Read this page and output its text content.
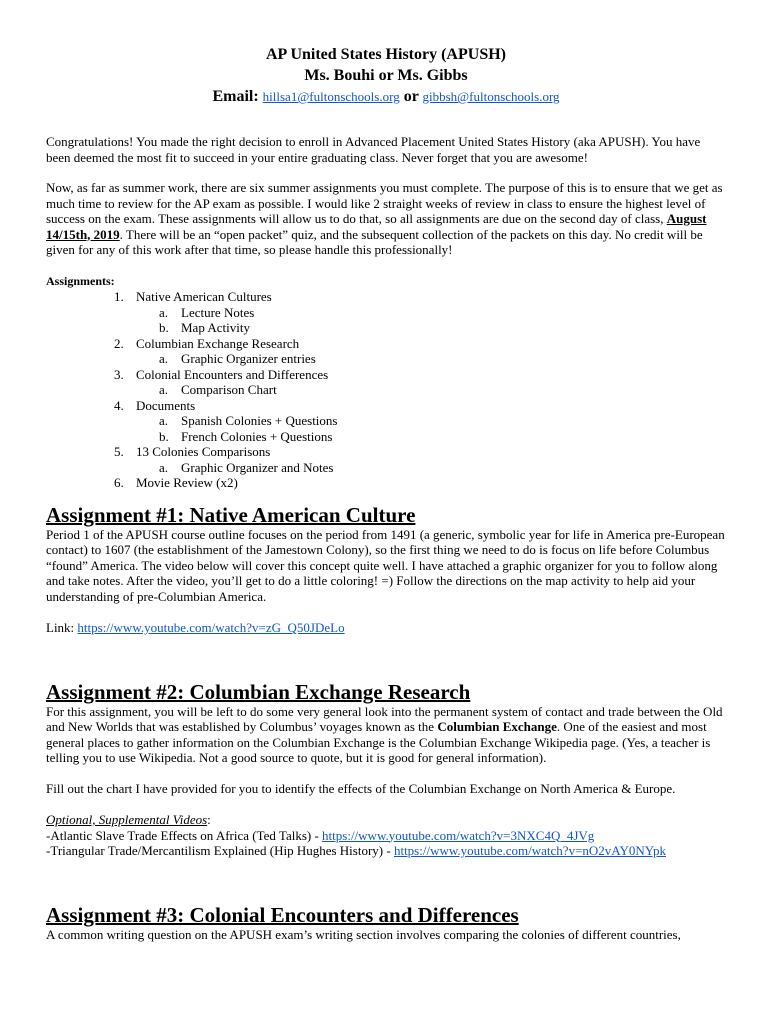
AP United States History (APUSH)
Ms. Bouhi or Ms. Gibbs
Email: hillsa1@fultonschools.org or gibbsh@fultonschools.org

Congratulations! You made the right decision to enroll in Advanced Placement United States History (aka APUSH). You have been deemed the most fit to succeed in your entire graduating class. Never forget that you are awesome!

Now, as far as summer work, there are six summer assignments you must complete. The purpose of this is to ensure that we get as much time to review for the AP exam as possible. I would like 2 straight weeks of review in class to ensure the highest level of success on the exam. These assignments will allow us to do that, so all assignments are due on the second day of class, August 14/15th, 2019. There will be an “open packet” quiz, and the subsequent collection of the packets on this day. No credit will be given for any of this work after that time, so please handle this professionally!

Assignments:
1. Native American Cultures
a. Lecture Notes
b. Map Activity
2. Columbian Exchange Research
a. Graphic Organizer entries
3. Colonial Encounters and Differences
a. Comparison Chart
4. Documents
a. Spanish Colonies + Questions
b. French Colonies + Questions
5. 13 Colonies Comparisons
a. Graphic Organizer and Notes
6. Movie Review (x2)
Assignment #1: Native American Culture

Period 1 of the APUSH course outline focuses on the period from 1491 (a generic, symbolic year for life in America pre-European contact) to 1607 (the establishment of the Jamestown Colony), so the first thing we need to do is focus on life before Columbus “found” America. The video below will cover this concept quite well. I have attached a graphic organizer for you to follow along and take notes. After the video, you’ll get to do a little coloring! =) Follow the directions on the map activity to help aid your understanding of pre-Columbian America.

Link: https://www.youtube.com/watch?v=zG_Q50JDeLo

Assignment #2: Columbian Exchange Research

For this assignment, you will be left to do some very general look into the permanent system of contact and trade between the Old and New Worlds that was established by Columbus’ voyages known as the Columbian Exchange. One of the easiest and most general places to gather information on the Columbian Exchange is the Columbian Exchange Wikipedia page. (Yes, a teacher is telling you to use Wikipedia. Not a good source to quote, but it is good for general information).

Fill out the chart I have provided for you to identify the effects of the Columbian Exchange on North America & Europe.

Optional, Supplemental Videos:
-Atlantic Slave Trade Effects on Africa (Ted Talks) - https://www.youtube.com/watch?v=3NXC4Q_4JVg
-Triangular Trade/Mercantilism Explained (Hip Hughes History) - https://www.youtube.com/watch?v=nO2vAY0NYpk
Assignment #3: Colonial Encounters and Differences

A common writing question on the APUSH exam’s writing section involves comparing the colonies of different countries,
